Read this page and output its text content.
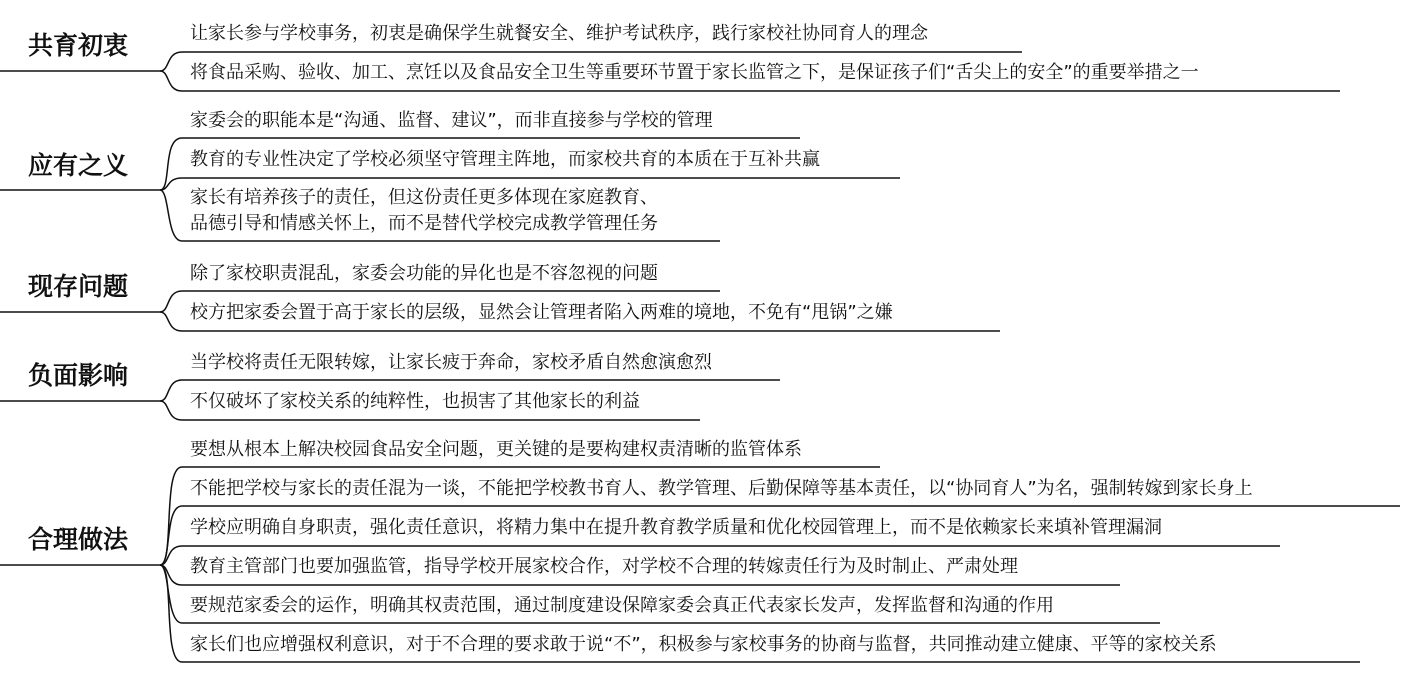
共育初衷	让家长参与学校事务，初衷是确保学生就餐安全、维护考试秩序，践行家校社协同育人的理念
将食品采购、验收、加工、烹饪以及食品安全卫生等重要环节置于家长监管之下，是保证孩子们“舌尖上的安全”的重要举措之一
应有之义
家委会的职能本是“沟通、监督、建议”，而非直接参与学校的管理
教育的专业性决定了学校必须坚守管理主阵地，而家校共育的本质在于互补共赢
家长有培养孩子的责任，但这份责任更多体现在家庭教育、
品德引导和情感关怀上，而不是替代学校完成教学管理任务
现存问题	除了家校职责混乱，家委会功能的异化也是不容忽视的问题
校方把家委会置于高于家长的层级，显然会让管理者陷入两难的境地，不免有“甩锅”之嫌
负面影响	当学校将责任无限转嫁，让家长疲于奔命，家校矛盾自然愈演愈烈
不仅破坏了家校关系的纯粹性，也损害了其他家长的利益
合理做法
要想从根本上解决校园食品安全问题，更关键的是要构建权责清晰的监管体系
不能把学校与家长的责任混为一谈，不能把学校教书育人、教学管理、后勤保障等基本责任，以“协同育人”为名，强制转嫁到家长身上
学校应明确自身职责，强化责任意识，将精力集中在提升教育教学质量和优化校园管理上，而不是依赖家长来填补管理漏洞
教育主管部门也要加强监管，指导学校开展家校合作，对学校不合理的转嫁责任行为及时制止、严肃处理
要规范家委会的运作，明确其权责范围，通过制度建设保障家委会真正代表家长发声，发挥监督和沟通的作用
家长们也应增强权利意识，对于不合理的要求敢于说“不”，积极参与家校事务的协商与监督，共同推动建立健康、平等的家校关系
